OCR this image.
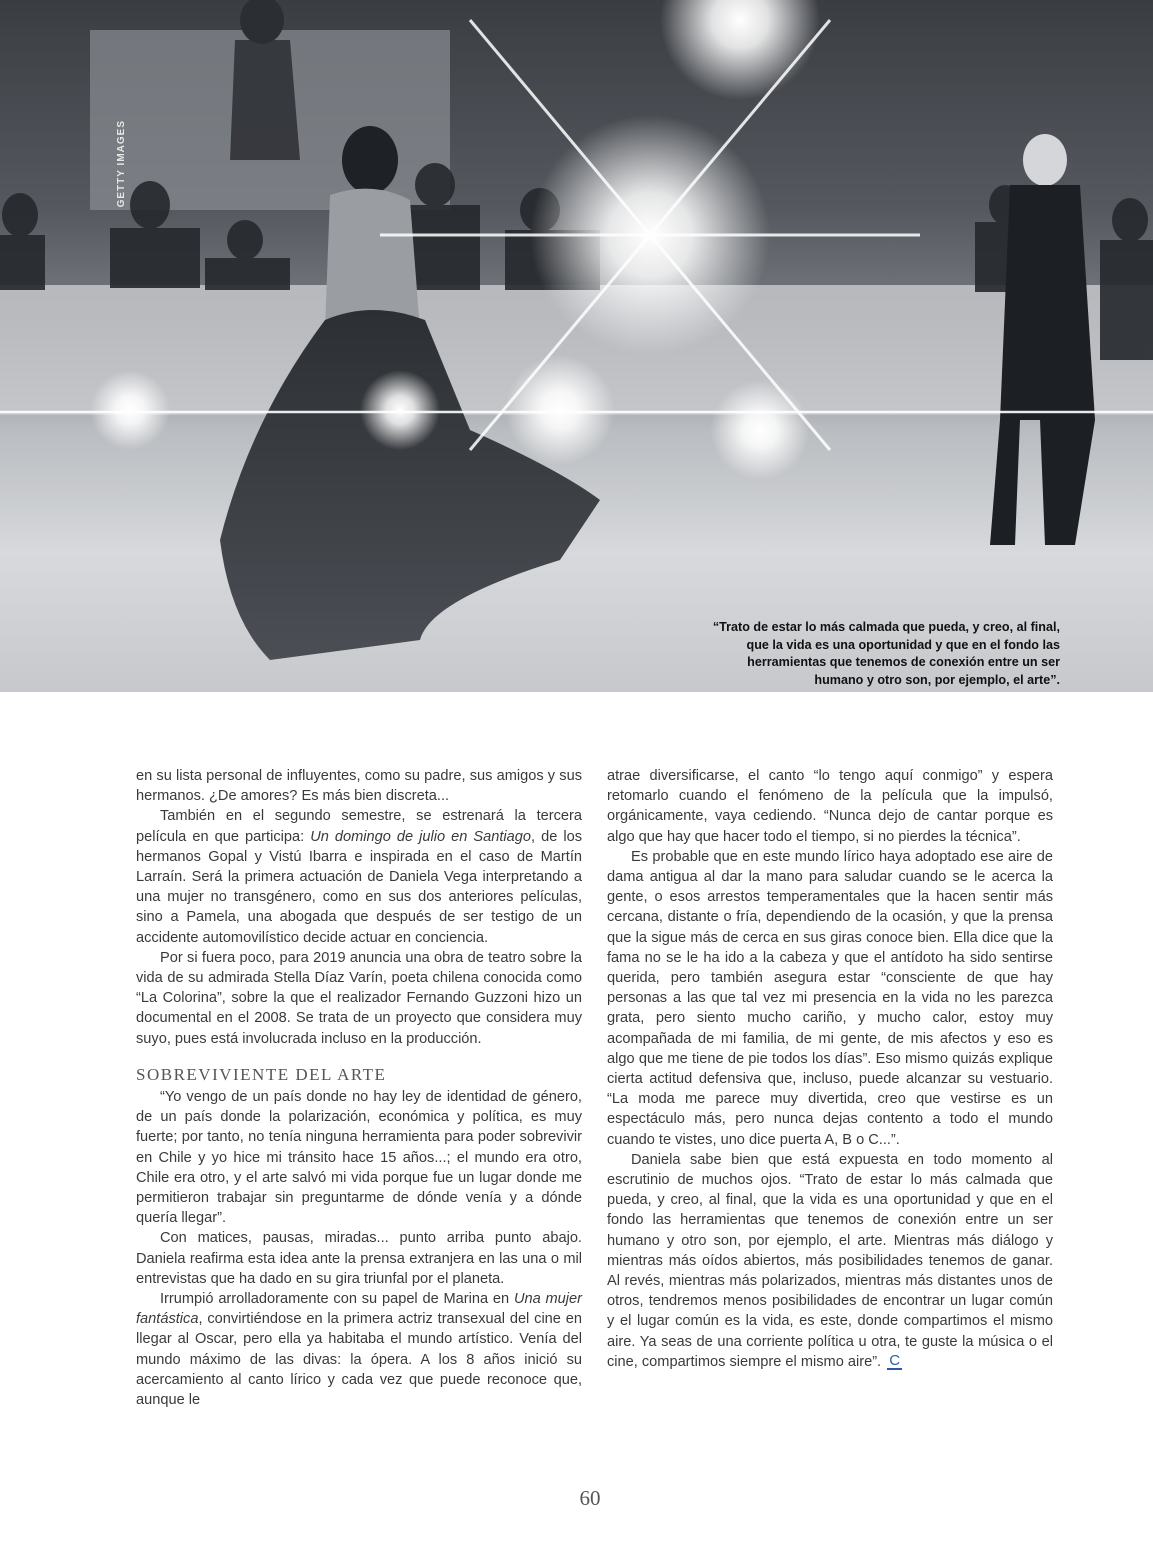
GETTY IMAGES
“Trato de estar lo más calmada que pueda, y creo, al final, que la vida es una oportunidad y que en el fondo las herramientas que tenemos de conexión entre un ser humano y otro son, por ejemplo, el arte”.

en su lista personal de influyentes, como su padre, sus amigos y sus hermanos. ¿De amores? Es más bien discreta...

También en el segundo semestre, se estrenará la tercera película en que participa: Un domingo de julio en Santiago, de los hermanos Gopal y Vistú Ibarra e inspirada en el caso de Martín Larraín. Será la primera actuación de Daniela Vega interpretando a una mujer no transgénero, como en sus dos anteriores películas, sino a Pamela, una abogada que después de ser testigo de un accidente automovilístico decide actuar en conciencia.

Por si fuera poco, para 2019 anuncia una obra de teatro sobre la vida de su admirada Stella Díaz Varín, poeta chilena conocida como “La Colorina”, sobre la que el realizador Fernando Guzzoni hizo un documental en el 2008. Se trata de un proyecto que considera muy suyo, pues está involucrada incluso en la producción.

SOBREVIVIENTE DEL ARTE

“Yo vengo de un país donde no hay ley de identidad de género, de un país donde la polarización, económica y política, es muy fuerte; por tanto, no tenía ninguna herramienta para poder sobrevivir en Chile y yo hice mi tránsito hace 15 años...; el mundo era otro, Chile era otro, y el arte salvó mi vida porque fue un lugar donde me permitieron trabajar sin preguntarme de dónde venía y a dónde quería llegar”.

Con matices, pausas, miradas... punto arriba punto abajo. Daniela reafirma esta idea ante la prensa extranjera en las una o mil entrevistas que ha dado en su gira triunfal por el planeta.

Irrumpió arrolladoramente con su papel de Marina en Una mujer fantástica, convirtiéndose en la primera actriz transexual del cine en llegar al Oscar, pero ella ya habitaba el mundo artístico. Venía del mundo máximo de las divas: la ópera. A los 8 años inició su acercamiento al canto lírico y cada vez que puede reconoce que, aunque le

atrae diversificarse, el canto “lo tengo aquí conmigo” y espera retomarlo cuando el fenómeno de la película que la impulsó, orgánicamente, vaya cediendo. “Nunca dejo de cantar porque es algo que hay que hacer todo el tiempo, si no pierdes la técnica”.

Es probable que en este mundo lírico haya adoptado ese aire de dama antigua al dar la mano para saludar cuando se le acerca la gente, o esos arrestos temperamentales que la hacen sentir más cercana, distante o fría, dependiendo de la ocasión, y que la prensa que la sigue más de cerca en sus giras conoce bien. Ella dice que la fama no se le ha ido a la cabeza y que el antídoto ha sido sentirse querida, pero también asegura estar “consciente de que hay personas a las que tal vez mi presencia en la vida no les parezca grata, pero siento mucho cariño, y mucho calor, estoy muy acompañada de mi familia, de mi gente, de mis afectos y eso es algo que me tiene de pie todos los días”. Eso mismo quizás explique cierta actitud defensiva que, incluso, puede alcanzar su vestuario. “La moda me parece muy divertida, creo que vestirse es un espectáculo más, pero nunca dejas contento a todo el mundo cuando te vistes, uno dice puerta A, B o C...”.

Daniela sabe bien que está expuesta en todo momento al escrutinio de muchos ojos. “Trato de estar lo más calmada que pueda, y creo, al final, que la vida es una oportunidad y que en el fondo las herramientas que tenemos de conexión entre un ser humano y otro son, por ejemplo, el arte. Mientras más diálogo y mientras más oídos abiertos, más posibilidades tenemos de ganar. Al revés, mientras más polarizados, mientras más distantes unos de otros, tendremos menos posibilidades de encontrar un lugar común y el lugar común es la vida, es este, donde compartimos el mismo aire. Ya seas de una corriente política u otra, te guste la música o el cine, compartimos siempre el mismo aire”. C

60
